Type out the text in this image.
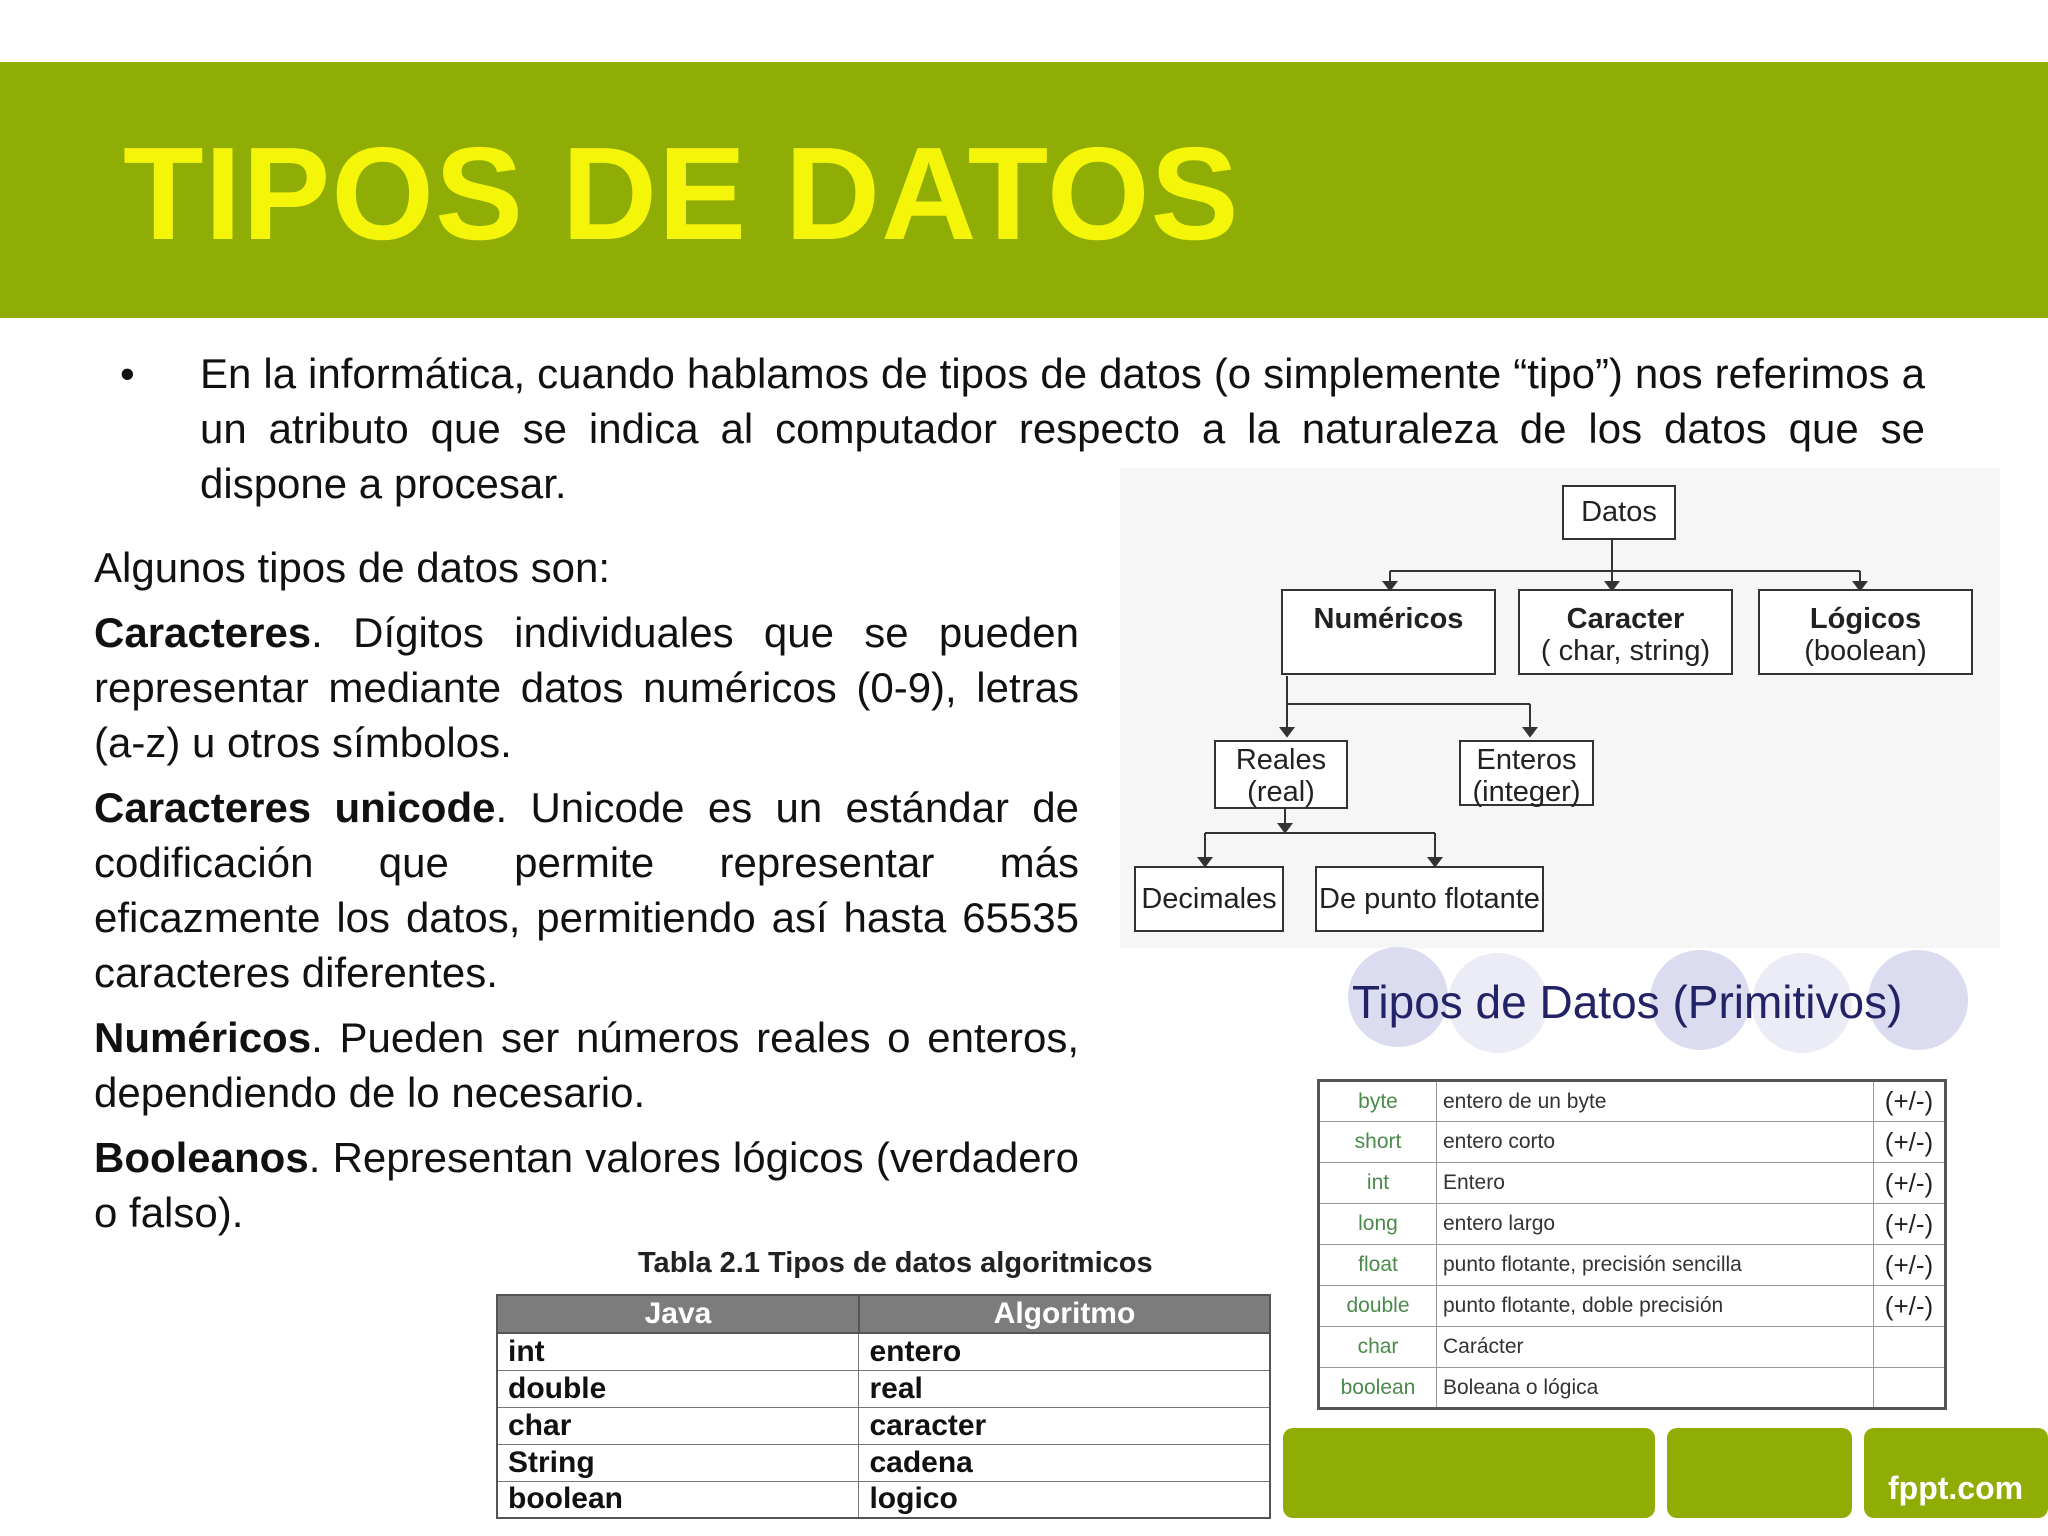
TIPOS DE DATOS
• En la informática, cuando hablamos de tipos de datos (o simplemente “tipo”) nos referimos a un atributo que se indica al computador respecto a la naturaleza de los datos que se dispone a procesar.

Algunos tipos de datos son:

Caracteres. Dígitos individuales que se pueden representar mediante datos numéricos (0-9), letras (a-z) u otros símbolos.

Caracteres unicode. Unicode es un estándar de codificación que permite representar más eficazmente los datos, permitiendo así hasta 65535 caracteres diferentes.

Numéricos. Pueden ser números reales o enteros, dependiendo de lo necesario.

Booleanos. Representan valores lógicos (verdadero o falso).

Datos
Numéricos	Caracter
( char, string)
Lógicos
(boolean)
Reales
(real)
Enteros
(integer)
Decimales De punto flotante
Tipos de Datos (Primitivos)
byte	entero de un byte	(+/-)
short	entero corto	(+/-)
int	Entero	(+/-)
long	entero largo	(+/-)
float	punto flotante, precisión sencilla	(+/-)
double	punto flotante, doble precisión	(+/-)
char	Carácter	
boolean	Boleana o lógica	
Tabla 2.1 Tipos de datos algoritmicos
Java	Algoritmo
int	entero
double	real
char	caracter
String	cadena
boolean	logico	fppt.com
